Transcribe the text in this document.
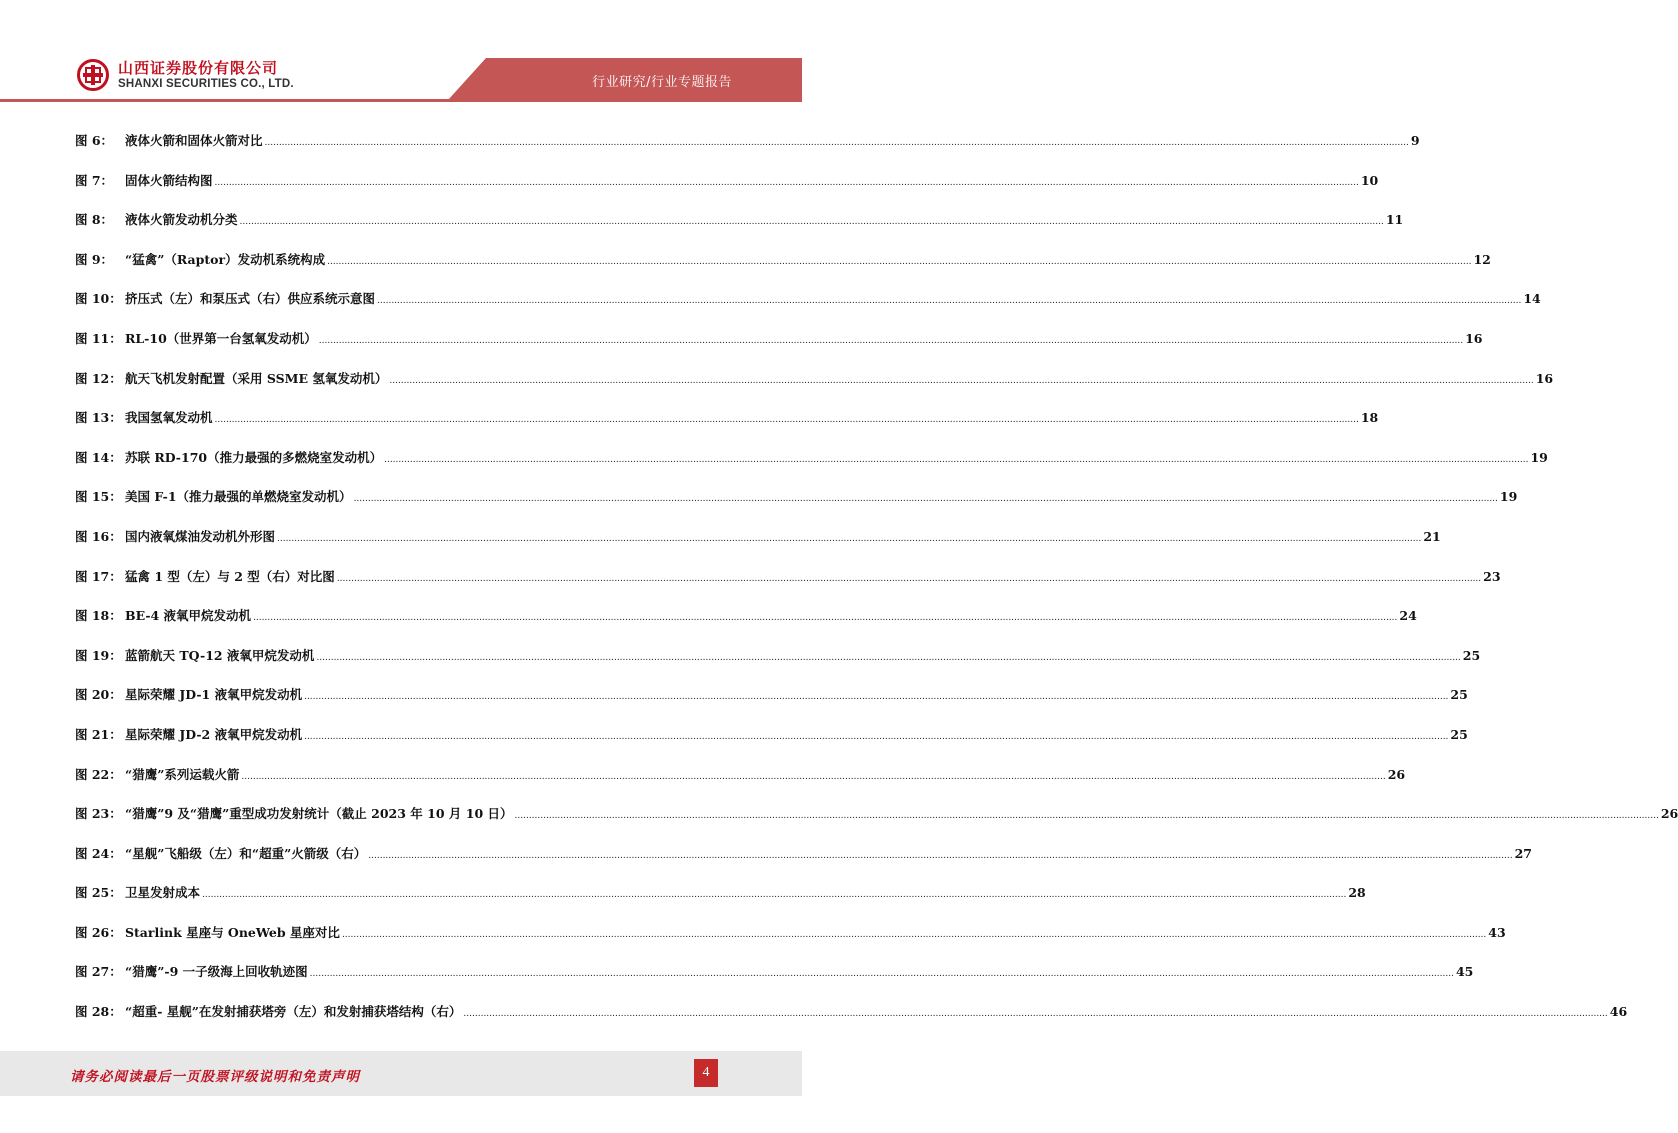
行业研究/行业专题报告
山西证券股份有限公司
SHANXI SECURITIES CO., LTD.
图 6： 液体火箭和固体火箭对比 ................................................................................................................................................................................................................................................................................................................................................................................................................ 9
图 7： 固体火箭结构图 ................................................................................................................................................................................................................................................................................................................................................................................................................ 10
图 8： 液体火箭发动机分类 ................................................................................................................................................................................................................................................................................................................................................................................................................ 11
图 9： “猛禽”（Raptor）发动机系统构成 ................................................................................................................................................................................................................................................................................................................................................................................................................ 12
图 10： 挤压式（左）和泵压式（右）供应系统示意图 ................................................................................................................................................................................................................................................................................................................................................................................................................ 14
图 11： RL-10（世界第一台氢氧发动机） ................................................................................................................................................................................................................................................................................................................................................................................................................ 16
图 12： 航天飞机发射配置（采用 SSME 氢氧发动机） ................................................................................................................................................................................................................................................................................................................................................................................................................ 16
图 13： 我国氢氧发动机 ................................................................................................................................................................................................................................................................................................................................................................................................................ 18
图 14： 苏联 RD-170（推力最强的多燃烧室发动机） ................................................................................................................................................................................................................................................................................................................................................................................................................ 19
图 15： 美国 F-1（推力最强的单燃烧室发动机） ................................................................................................................................................................................................................................................................................................................................................................................................................ 19
图 16： 国内液氧煤油发动机外形图 ................................................................................................................................................................................................................................................................................................................................................................................................................ 21
图 17： 猛禽 1 型（左）与 2 型（右）对比图 ................................................................................................................................................................................................................................................................................................................................................................................................................ 23
图 18： BE-4 液氧甲烷发动机 ................................................................................................................................................................................................................................................................................................................................................................................................................ 24
图 19： 蓝箭航天 TQ-12 液氧甲烷发动机 ................................................................................................................................................................................................................................................................................................................................................................................................................ 25
图 20： 星际荣耀 JD-1 液氧甲烷发动机 ................................................................................................................................................................................................................................................................................................................................................................................................................ 25
图 21： 星际荣耀 JD-2 液氧甲烷发动机 ................................................................................................................................................................................................................................................................................................................................................................................................................ 25
图 22： “猎鹰”系列运载火箭 ................................................................................................................................................................................................................................................................................................................................................................................................................ 26
图 23： “猎鹰”9 及“猎鹰”重型成功发射统计（截止 2023 年 10 月 10 日） ................................................................................................................................................................................................................................................................................................................................................................................................................ 26
图 24： “星舰”飞船级（左）和“超重”火箭级（右） ................................................................................................................................................................................................................................................................................................................................................................................................................ 27
图 25： 卫星发射成本 ................................................................................................................................................................................................................................................................................................................................................................................................................ 28
图 26： Starlink 星座与 OneWeb 星座对比 ................................................................................................................................................................................................................................................................................................................................................................................................................ 43
图 27： “猎鹰”-9 一子级海上回收轨迹图 ................................................................................................................................................................................................................................................................................................................................................................................................................ 45
图 28： “超重- 星舰”在发射捕获塔旁（左）和发射捕获塔结构（右） ................................................................................................................................................................................................................................................................................................................................................................................................................ 46
请务必阅读最后一页股票评级说明和免责声明	4
